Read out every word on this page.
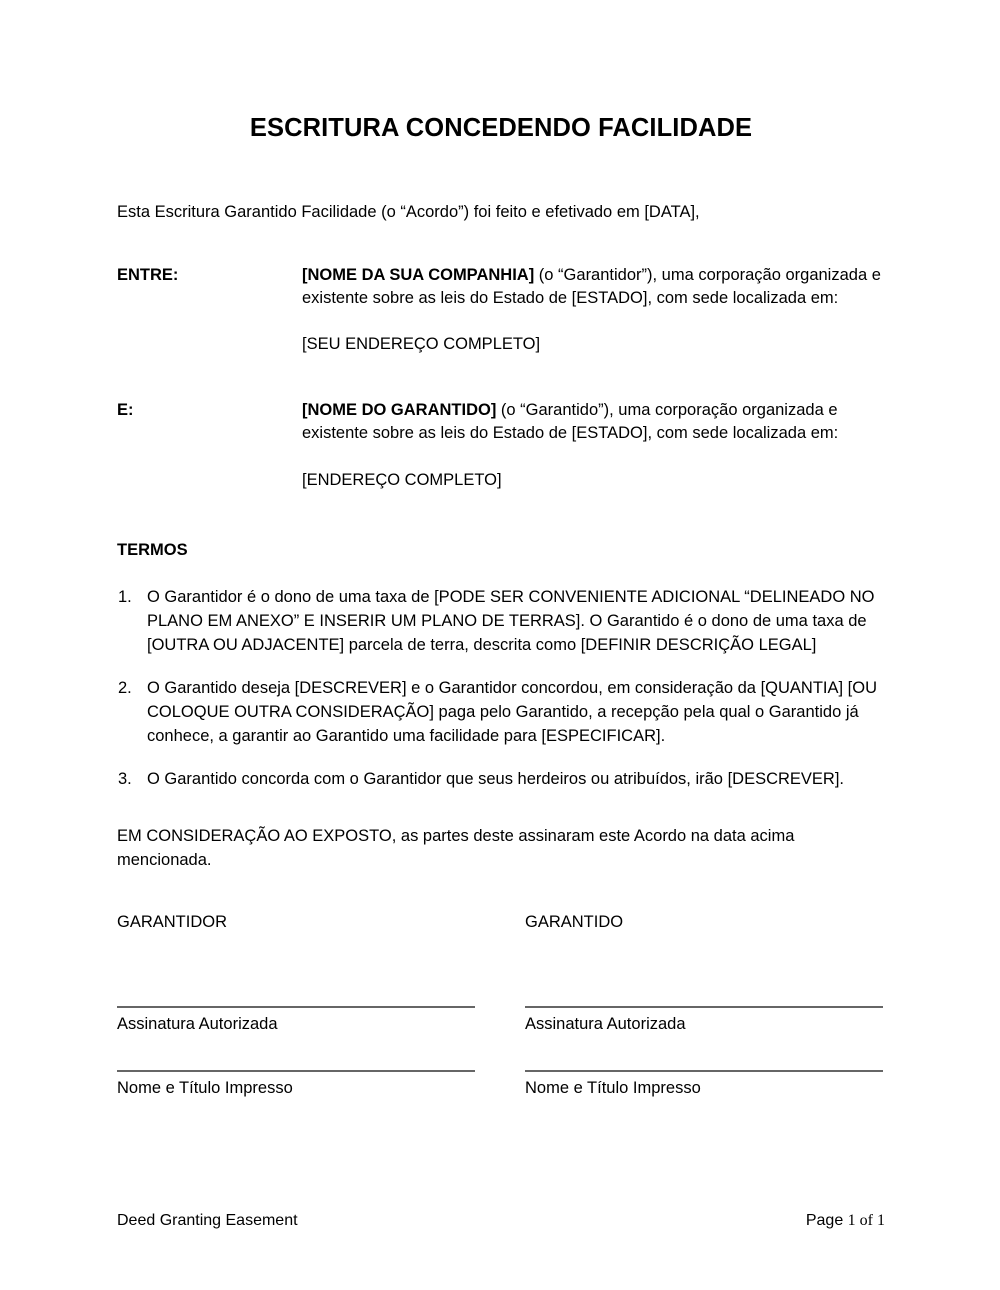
ESCRITURA CONCEDENDO FACILIDADE

Esta Escritura Garantido Facilidade (o “Acordo”) foi feito e efetivado em [DATA],

ENTRE:	[NOME DA SUA COMPANHIA] (o “Garantidor”), uma corporação organizada e existente sobre as leis do Estado de [ESTADO], com sede localizada em:
[SEU ENDEREÇO COMPLETO]
E:	[NOME DO GARANTIDO] (o “Garantido”), uma corporação organizada e existente sobre as leis do Estado de [ESTADO], com sede localizada em:
[ENDEREÇO COMPLETO]
TERMOS
1. O Garantidor é o dono de uma taxa de [PODE SER CONVENIENTE ADICIONAL “DELINEADO NO PLANO EM ANEXO” E INSERIR UM PLANO DE TERRAS]. O Garantido é o dono de uma taxa de [OUTRA OU ADJACENTE] parcela de terra, descrita como [DEFINIR DESCRIÇÃO LEGAL]
2. O Garantido deseja [DESCREVER] e o Garantidor concordou, em consideração da [QUANTIA] [OU COLOQUE OUTRA CONSIDERAÇÃO] paga pelo Garantido, a recepção pela qual o Garantido já conhece, a garantir ao Garantido uma facilidade para [ESPECIFICAR].
3. O Garantido concorda com o Garantidor que seus herdeiros ou atribuídos, irão [DESCREVER].

EM CONSIDERAÇÃO AO EXPOSTO, as partes deste assinaram este Acordo na data acima mencionada.

GARANTIDOR
Assinatura Autorizada
Nome e Título Impresso
GARANTIDO
Assinatura Autorizada
Nome e Título Impresso
Deed Granting Easement	Page 1 of 1
